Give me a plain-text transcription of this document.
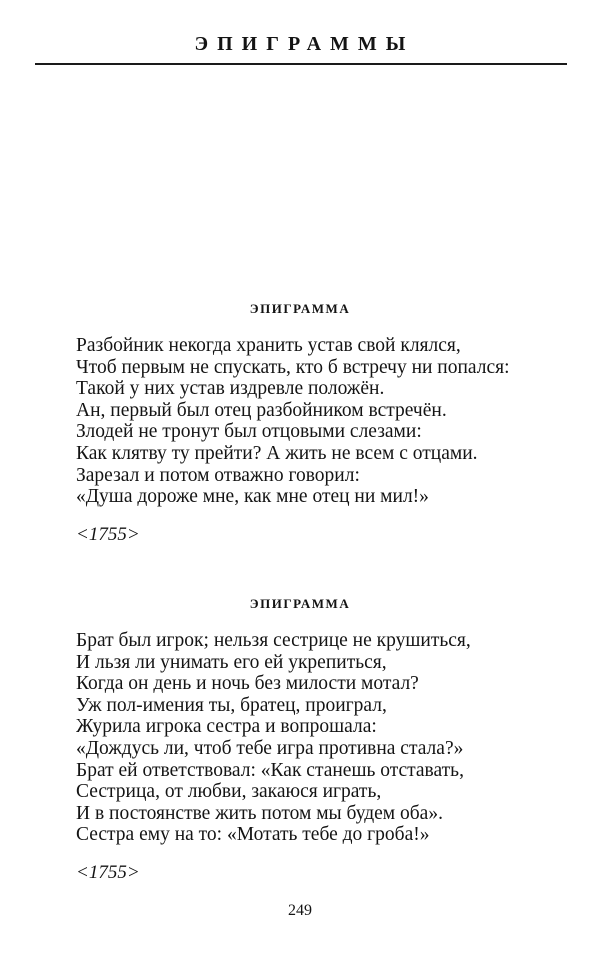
ЭПИГРАММЫ
ЭПИГРАММА
Разбойник некогда хранить устав свой клялся,
Чтоб первым не спускать, кто б встречу ни попался:
Такой у них устав издревле положён.
Ан, первый был отец разбойником встречён.
Злодей не тронут был отцовыми слезами:
Как клятву ту прейти? А жить не всем с отцами.
Зарезал и потом отважно говорил:
«Душа дороже мне, как мне отец ни мил!»
<1755>
ЭПИГРАММА
Брат был игрок; нельзя сестрице не крушиться,
И льзя ли унимать его ей укрепиться,
Когда он день и ночь без милости мотал?
Уж пол-имения ты, братец, проиграл,
Журила игрока сестра и вопрошала:
«Дождусь ли, чтоб тебе игра противна стала?»
Брат ей ответствовал: «Как станешь отставать,
Сестрица, от любви, закаюся играть,
И в постоянстве жить потом мы будем оба».
Сестра ему на то: «Мотать тебе до гроба!»
<1755>
249
